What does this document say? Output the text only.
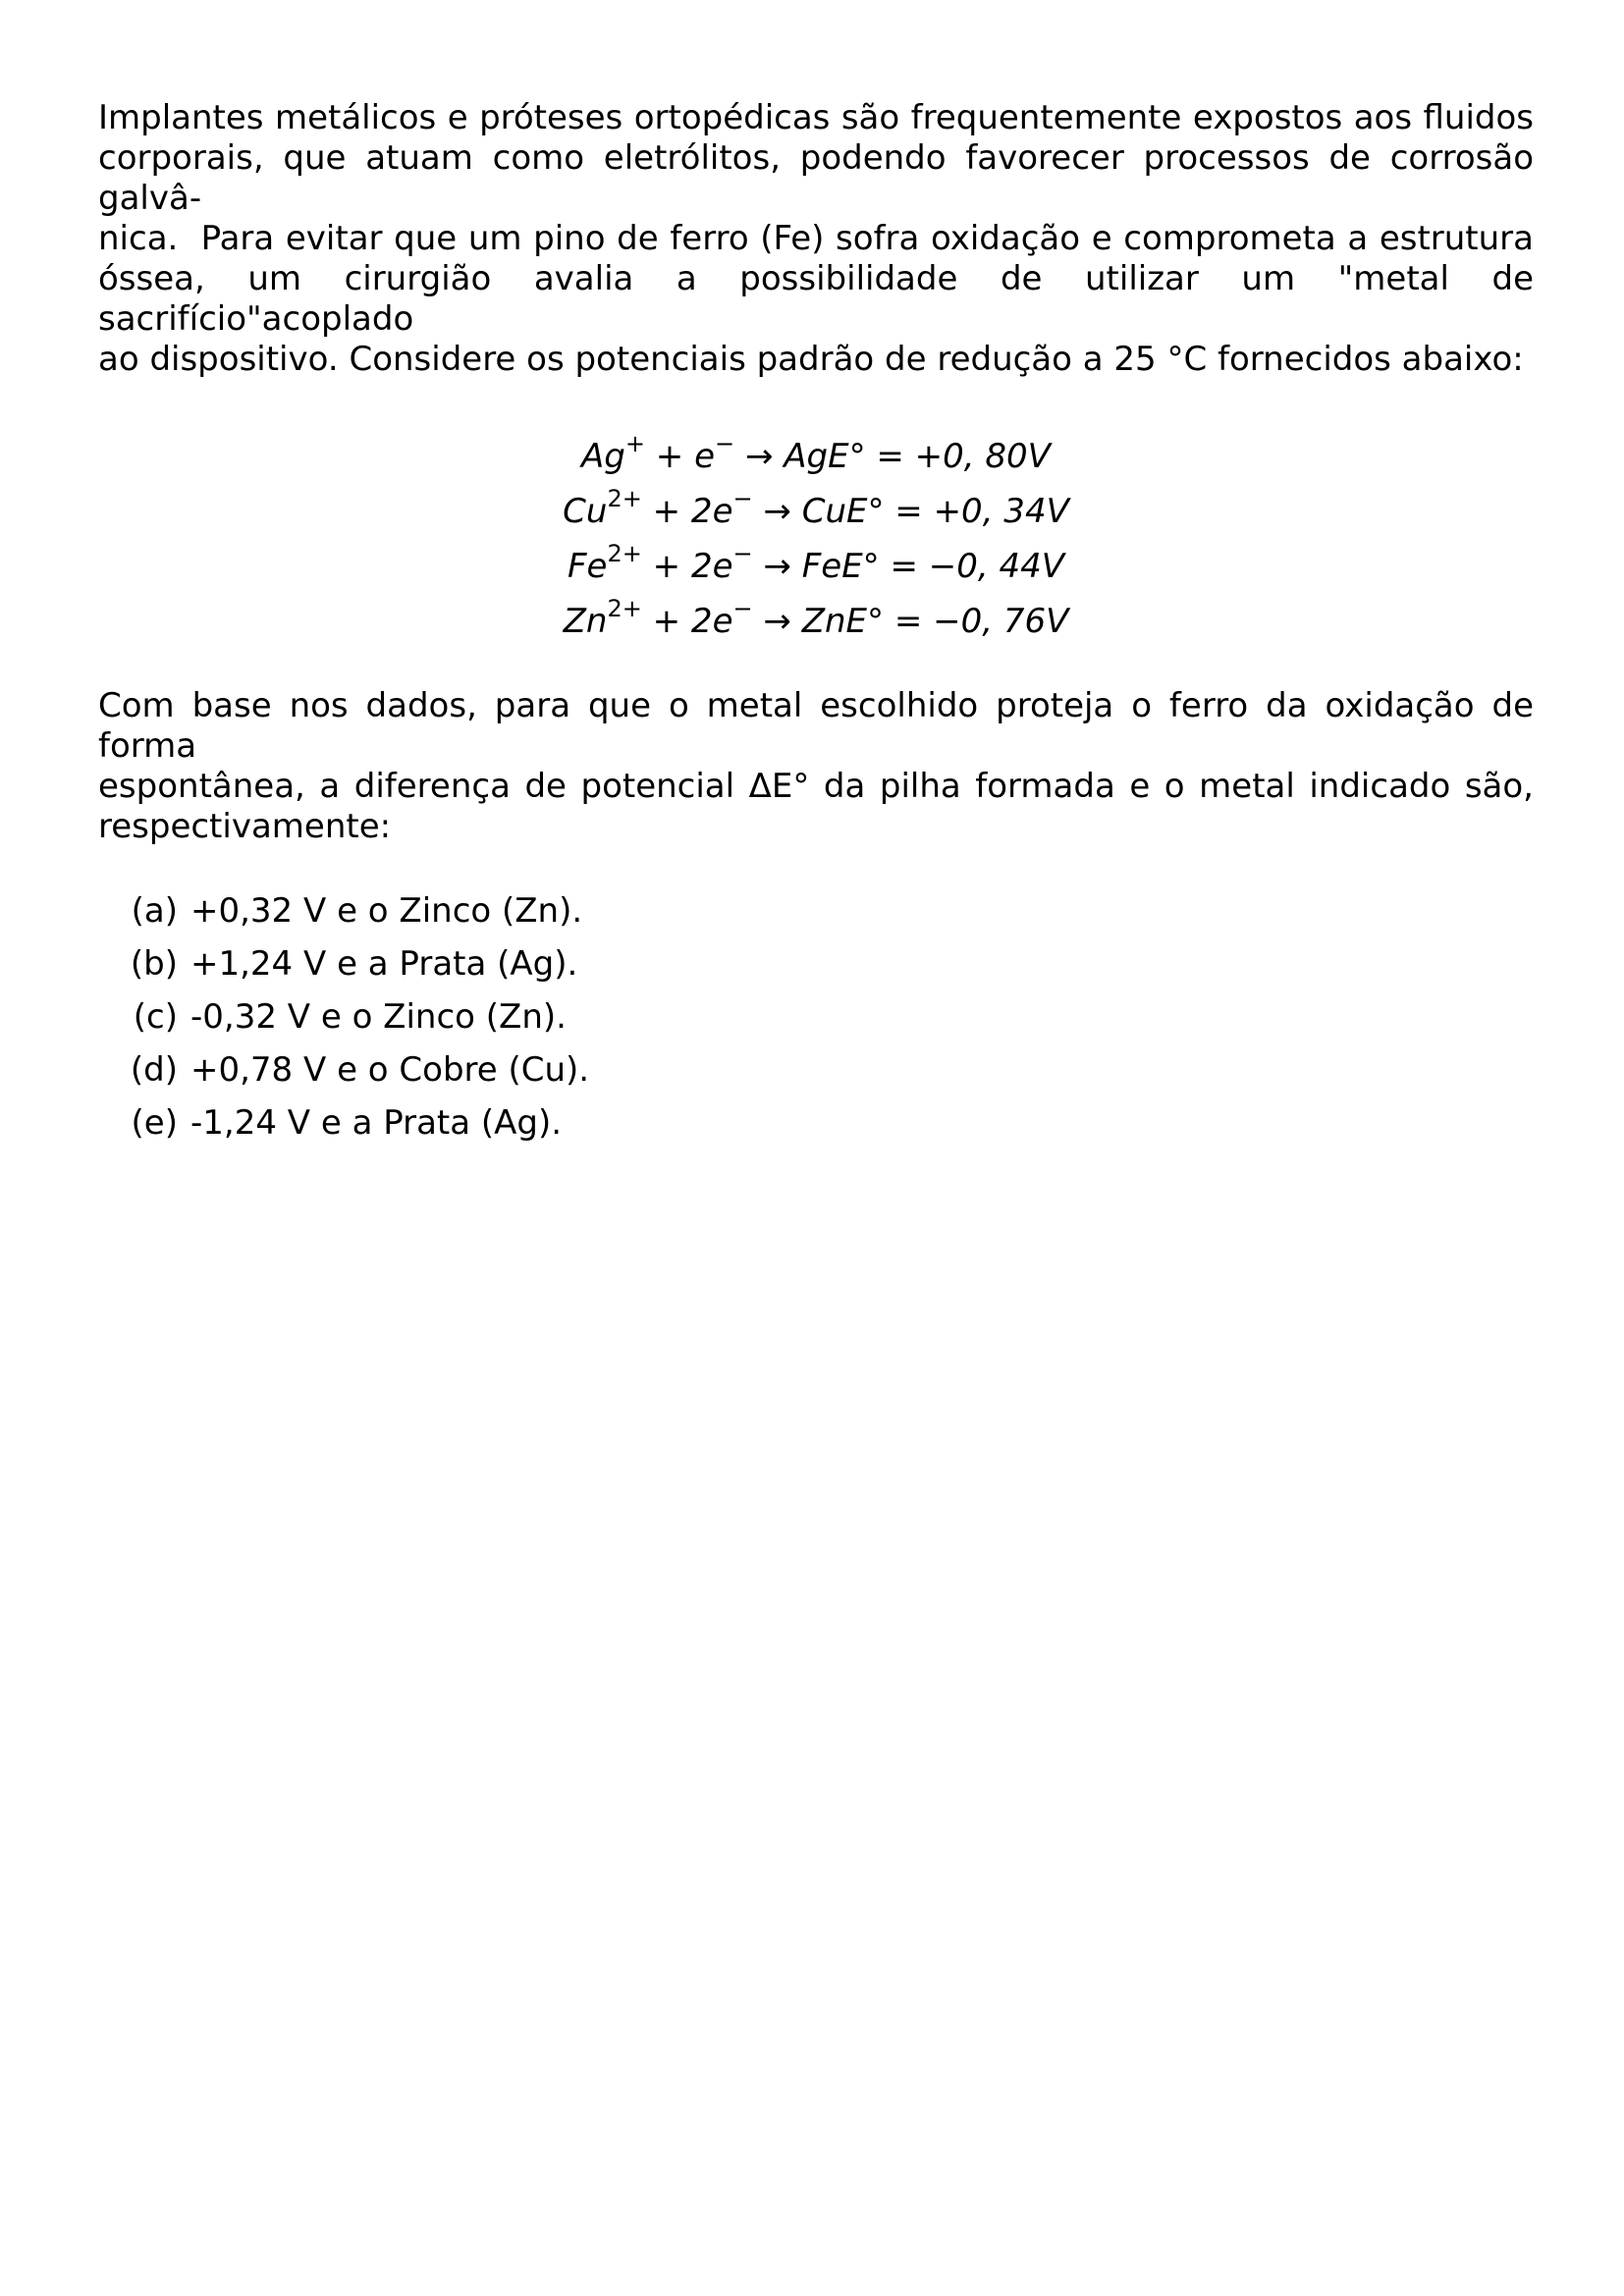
Implantes metálicos e próteses ortopédicas são frequentemente expostos aos fluidos
corporais, que atuam como eletrólitos, podendo favorecer processos de corrosão galvâ-
nica.  Para evitar que um pino de ferro (Fe) sofra oxidação e comprometa a estrutura
óssea, um cirurgião avalia a possibilidade de utilizar um "metal de sacrifício"acoplado
ao dispositivo. Considere os potenciais padrão de redução a 25 °C fornecidos abaixo:
Ag+ + e− → AgE° = +0, 80V
$Cu^{2+} + 2e^- \to CuE^\circ = +0$, 34V
$Fe^{2+} + 2e^- \to FeE^\circ = -0$, 44V
$Zn^{2+} + 2e^- \to ZnE^\circ = -0$, 76V
Com base nos dados, para que o metal escolhido proteja o ferro da oxidação de forma
espontânea, a diferença de potencial ΔE° da pilha formada e o metal indicado são,
respectivamente:
(a) +0,32 V e o Zinco (Zn).
(b) +1,24 V e a Prata (Ag).
(c) -0,32 V e o Zinco (Zn).
(d) +0,78 V e o Cobre (Cu).
(e) -1,24 V e a Prata (Ag).
